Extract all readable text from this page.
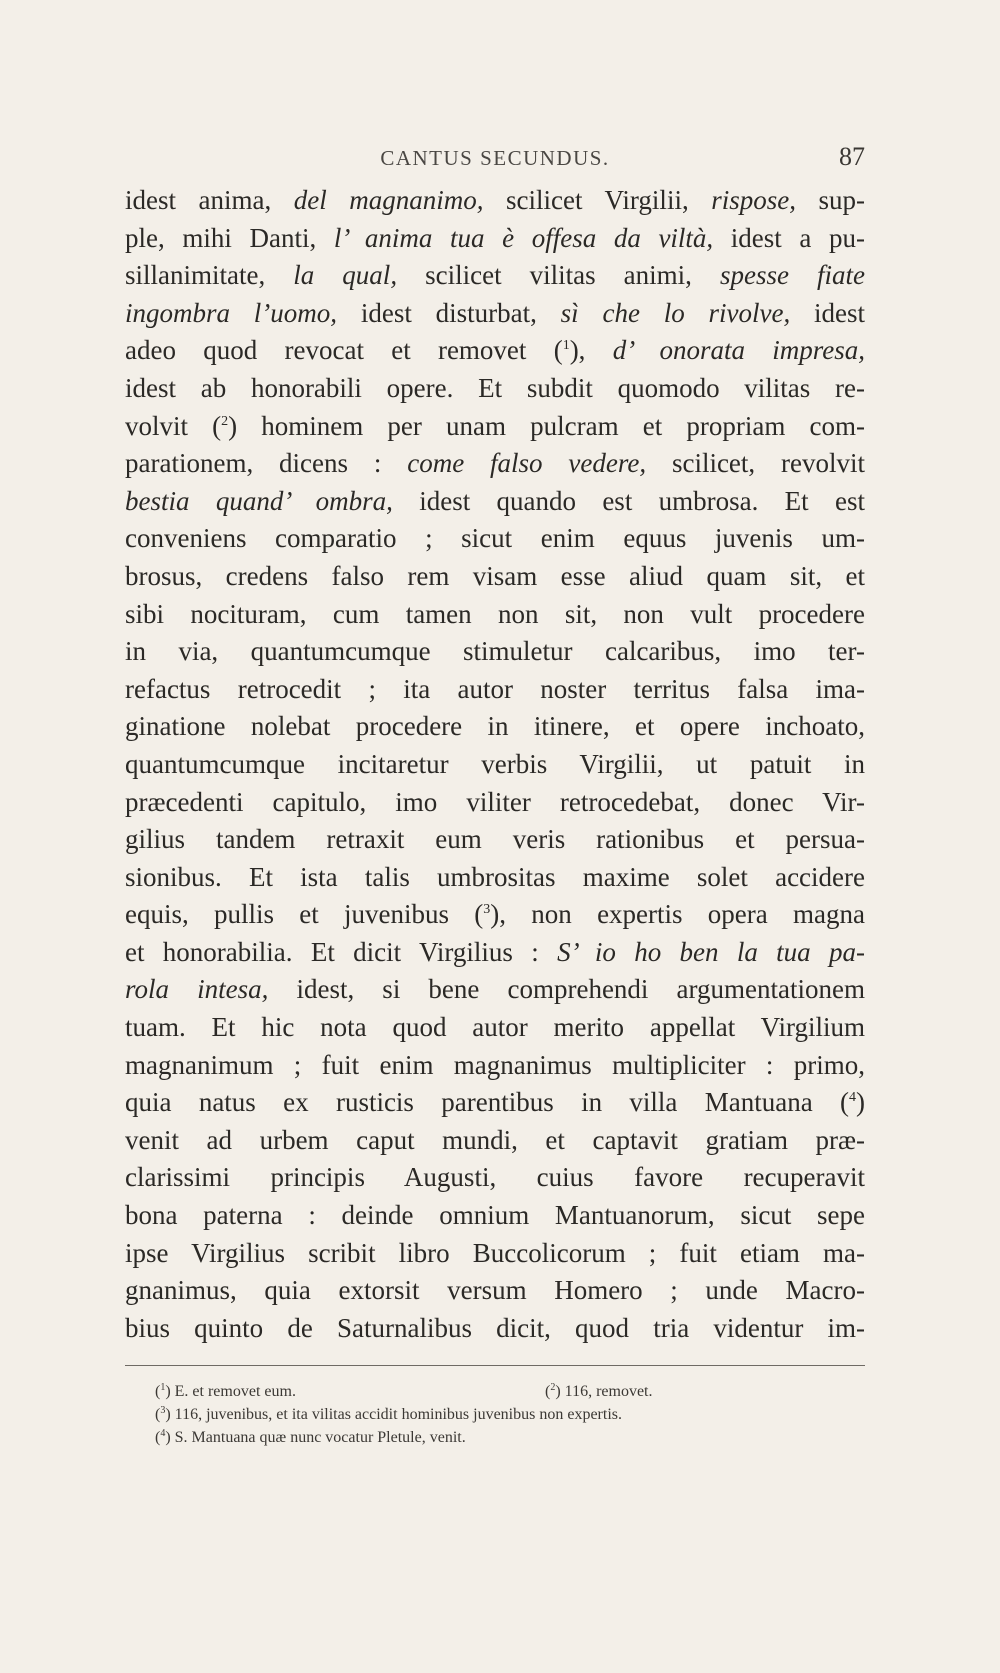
CANTUS SECUNDUS.	87
idest anima, del magnanimo, scilicet Virgilii, rispose, sup-
ple, mihi Danti, l’ anima tua è offesa da viltà, idest a pu-
sillanimitate, la qual, scilicet vilitas animi, spesse fiate
ingombra l’uomo, idest disturbat, sì che lo rivolve, idest
adeo quod revocat et removet ($^1$), d’ onorata impresa,
idest ab honorabili opere. Et subdit quomodo vilitas re-
volvit ($^2$) hominem per unam pulcram et propriam com-
parationem, dicens : come falso vedere, scilicet, revolvit
bestia quand’ ombra, idest quando est umbrosa. Et est
conveniens comparatio ; sicut enim equus juvenis um-
brosus, credens falso rem visam esse aliud quam sit, et
sibi nocituram, cum tamen non sit, non vult procedere
in via, quantumcumque stimuletur calcaribus, imo ter-
refactus retrocedit ; ita autor noster territus falsa ima-
ginatione nolebat procedere in itinere, et opere inchoato,
quantumcumque incitaretur verbis Virgilii, ut patuit in
præcedenti capitulo, imo viliter retrocedebat, donec Vir-
gilius tandem retraxit eum veris rationibus et persua-
sionibus. Et ista talis umbrositas maxime solet accidere
equis, pullis et juvenibus ($^3$), non expertis opera magna
et honorabilia. Et dicit Virgilius : S’ io ho ben la tua pa-
rola intesa, idest, si bene comprehendi argumentationem
tuam. Et hic nota quod autor merito appellat Virgilium
magnanimum ; fuit enim magnanimus multipliciter : primo,
quia natus ex rusticis parentibus in villa Mantuana ($^4$)
venit ad urbem caput mundi, et captavit gratiam præ-
clarissimi principis Augusti, cuius favore recuperavit
bona paterna : deinde omnium Mantuanorum, sicut sepe
ipse Virgilius scribit libro Buccolicorum ; fuit etiam ma-
gnanimus, quia extorsit versum Homero ; unde Macro-
bius quinto de Saturnalibus dicit, quod tria videntur im-
($^1$) E. et removet eum.	($^2$) 116, removet.
($^3$) 116, juvenibus, et ita vilitas accidit hominibus juvenibus non expertis.
($^4$) S. Mantuana quæ nunc vocatur Pletule, venit.
